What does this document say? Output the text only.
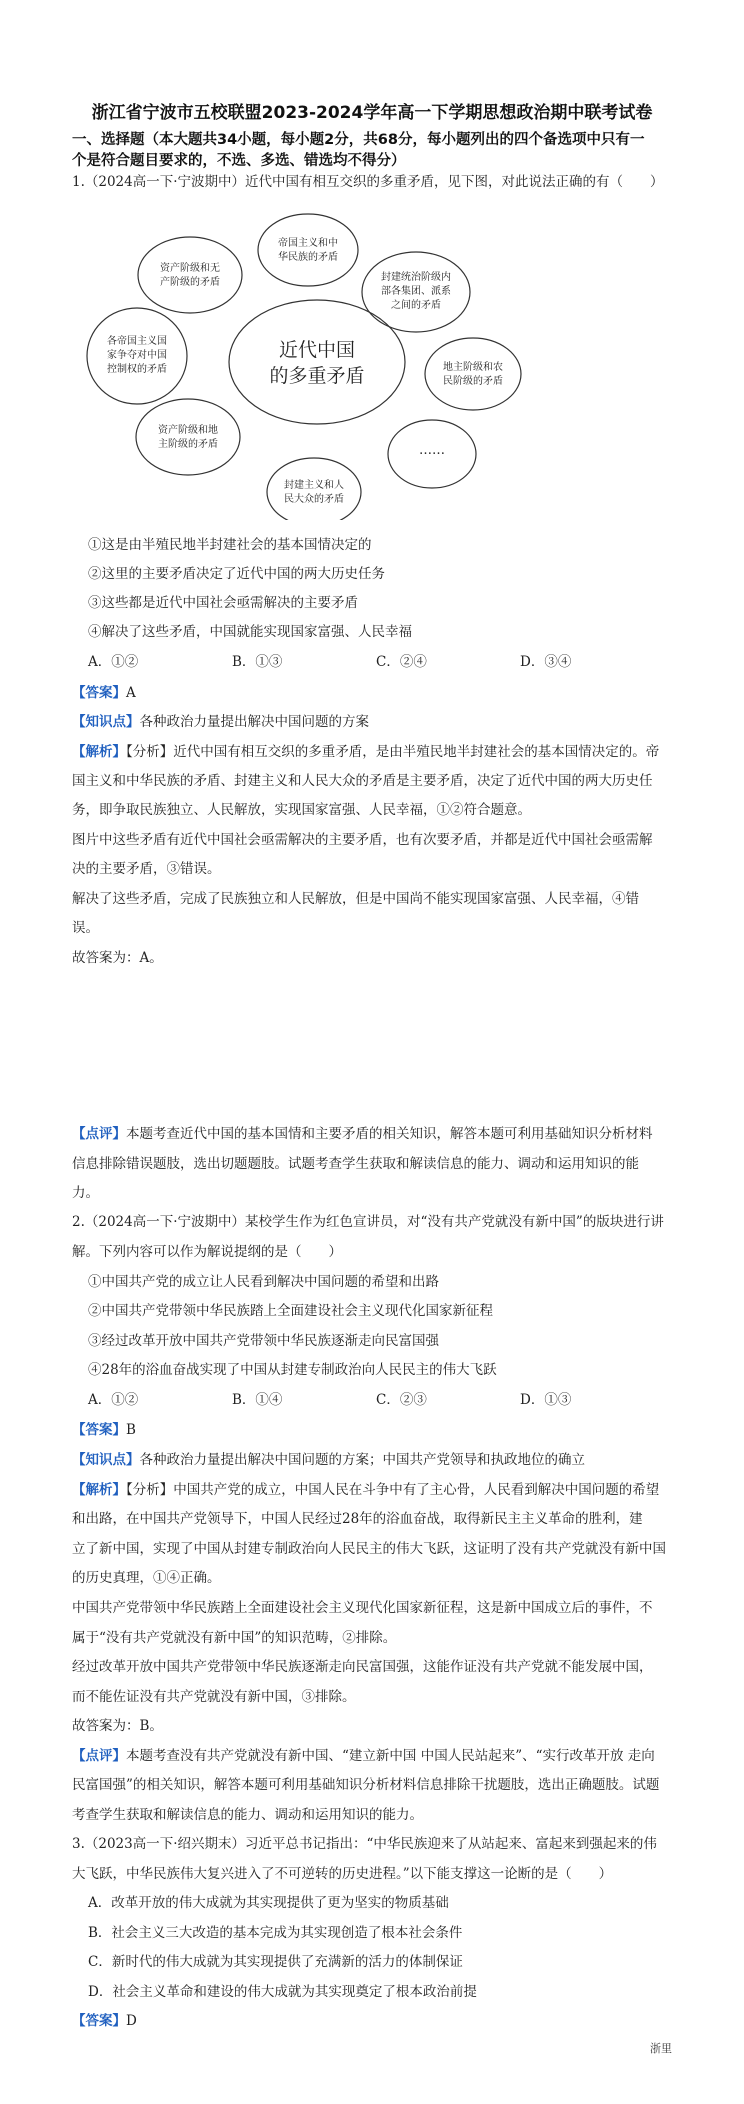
浙江省宁波市五校联盟2023-2024学年高一下学期思想政治期中联考试卷
一、选择题（本大题共34小题，每小题2分，共68分，每小题列出的四个备选项中只有一
个是符合题目要求的，不选、多选、错选均不得分）
1.（2024高一下·宁波期中）近代中国有相互交织的多重矛盾，见下图，对此说法正确的有（　　）
近代中国
的多重矛盾
帝国主义和中
华民族的矛盾
封建统治阶级内
部各集团、派系
之间的矛盾
地主阶级和农
民阶级的矛盾
……
封建主义和人
民大众的矛盾
资产阶级和地
主阶级的矛盾
各帝国主义国
家争夺对中国
控制权的矛盾
资产阶级和无
产阶级的矛盾
①这是由半殖民地半封建社会的基本国情决定的
②这里的主要矛盾决定了近代中国的两大历史任务
③这些都是近代中国社会亟需解决的主要矛盾
④解决了这些矛盾，中国就能实现国家富强、人民幸福
A．①②	B．①③	C．②④	D．③④
【答案】A
【知识点】各种政治力量提出解决中国问题的方案
【解析】【分析】近代中国有相互交织的多重矛盾，是由半殖民地半封建社会的基本国情决定的。帝
国主义和中华民族的矛盾、封建主义和人民大众的矛盾是主要矛盾，决定了近代中国的两大历史任
务，即争取民族独立、人民解放，实现国家富强、人民幸福，①②符合题意。
图片中这些矛盾有近代中国社会亟需解决的主要矛盾，也有次要矛盾，并都是近代中国社会亟需解
决的主要矛盾，③错误。
解决了这些矛盾，完成了民族独立和人民解放，但是中国尚不能实现国家富强、人民幸福，④错
误。
故答案为：A。
【点评】本题考查近代中国的基本国情和主要矛盾的相关知识，解答本题可利用基础知识分析材料
信息排除错误题肢，选出切题题肢。试题考查学生获取和解读信息的能力、调动和运用知识的能
力。
2.（2024高一下·宁波期中）某校学生作为红色宣讲员，对“没有共产党就没有新中国”的版块进行讲
解。下列内容可以作为解说提纲的是（　　）
①中国共产党的成立让人民看到解决中国问题的希望和出路
②中国共产党带领中华民族踏上全面建设社会主义现代化国家新征程
③经过改革开放中国共产党带领中华民族逐渐走向民富国强
④28年的浴血奋战实现了中国从封建专制政治向人民民主的伟大飞跃
A．①②	B．①④	C．②③	D．①③
【答案】B
【知识点】各种政治力量提出解决中国问题的方案；中国共产党领导和执政地位的确立
【解析】【分析】中国共产党的成立，中国人民在斗争中有了主心骨，人民看到解决中国问题的希望
和出路，在中国共产党领导下，中国人民经过28年的浴血奋战，取得新民主主义革命的胜利，建
立了新中国，实现了中国从封建专制政治向人民民主的伟大飞跃，这证明了没有共产党就没有新中国
的历史真理，①④正确。
中国共产党带领中华民族踏上全面建设社会主义现代化国家新征程，这是新中国成立后的事件，不
属于“没有共产党就没有新中国”的知识范畴，②排除。
经过改革开放中国共产党带领中华民族逐渐走向民富国强，这能作证没有共产党就不能发展中国，
而不能佐证没有共产党就没有新中国，③排除。
故答案为：B。
【点评】本题考查没有共产党就没有新中国、“建立新中国 中国人民站起来”、“实行改革开放 走向
民富国强”的相关知识，解答本题可利用基础知识分析材料信息排除干扰题肢，选出正确题肢。试题
考查学生获取和解读信息的能力、调动和运用知识的能力。
3.（2023高一下·绍兴期末）习近平总书记指出：“中华民族迎来了从站起来、富起来到强起来的伟
大飞跃，中华民族伟大复兴进入了不可逆转的历史进程。”以下能支撑这一论断的是（　　）
A．改革开放的伟大成就为其实现提供了更为坚实的物质基础
B．社会主义三大改造的基本完成为其实现创造了根本社会条件
C．新时代的伟大成就为其实现提供了充满新的活力的体制保证
D．社会主义革命和建设的伟大成就为其实现奠定了根本政治前提
【答案】D
浙里
